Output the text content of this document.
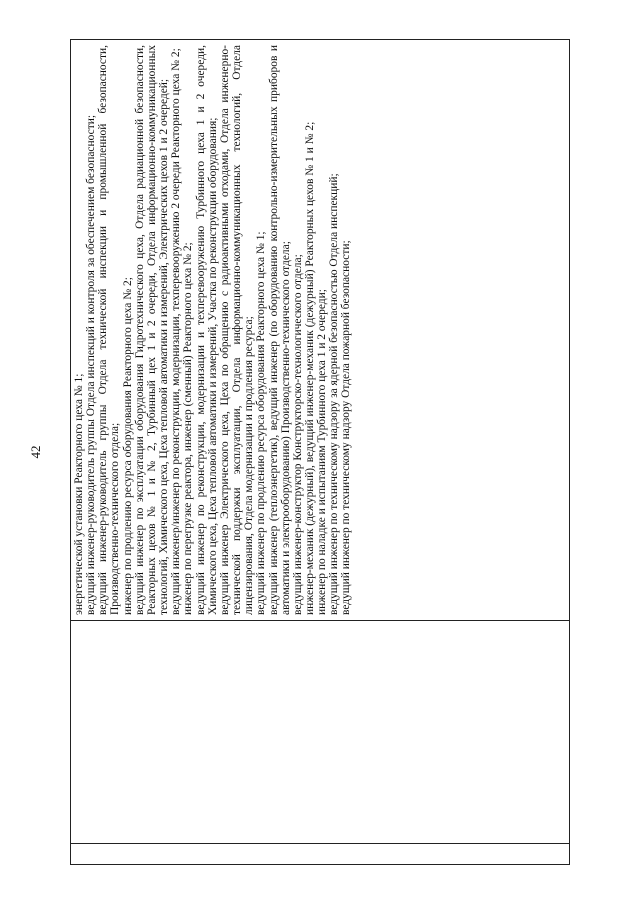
42
			энергетической установки Реакторного цеха № 1; ведущий инженер-руководитель группы Отдела инспекций и контроля за обеспечением безопасности; ведущий инженер-руководитель группы Отдела технической инспекции и промышленной безопасности, Производственно-технического отдела; инженер по продлению ресурса оборудования Реакторного цеха № 2; ведущий инженер по эксплуатации оборудования Гидротехнического цеха, Отдела радиационной безопасности, Реакторных цехов № 1 и № 2, Турбинный цех 1 и 2 очереди, Отдела информационно-коммуникационных технологий, Химического цеха, Цеха тепловой автоматики и измерений, Электрических цехов 1 и 2 очередей; ведущий инженер/инженер по реконструкции, модернизации, техперевооружению 2 очереди Реакторного цеха № 2; инженер по перегрузке реактора, инженер (сменный) Реакторного цеха № 2; ведущий инженер по реконструкции, модернизации и техперевооружению Турбинного цеха 1 и 2 очереди, Химического цеха, Цеха тепловой автоматики и измерений, Участка по реконструкции оборудования; ведущий инженер Электрического цеха, Цеха по обращению с радиоактивными отходами, Отдела инженерно-технической поддержки эксплуатации, Отдела информационно-коммуникационных технологий, Отдела лицензирования, Отдела модернизации и продления ресурса; ведущий инженер по продлению ресурса оборудования Реакторного цеха № 1; ведущий инженер (теплоэнергетик), ведущий инженер (по оборудованию контрольно-измерительных приборов и автоматики и электрооборудованию) Производственно-технического отдела; ведущий инженер-конструктор Конструкторско-технологического отдела; инженер-механик (дежурный), ведущий инженер-механик (дежурный) Реакторных цехов № 1 и № 2; инженер по наладке и испытаниям Турбинного цеха 1 и 2 очереди; ведущий инженер по техническому надзору за ядерной безопасностью Отдела инспекций; ведущий инженер по техническому надзору Отдела пожарной безопасности;
